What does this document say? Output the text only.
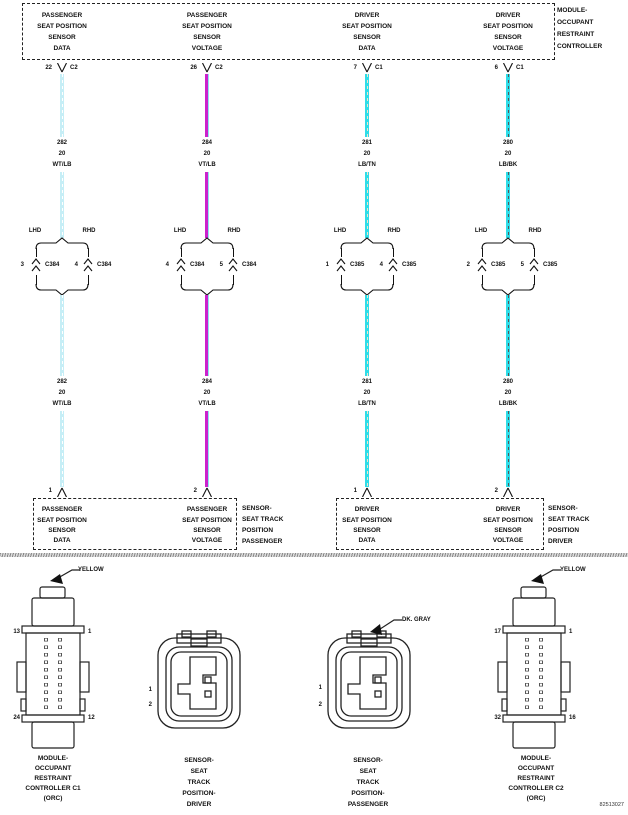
MODULE-
OCCUPANT
RESTRAINT
CONTROLLER
PASSENGER
SEAT POSITION
SENSOR
DATA
22	C2
282
20
WT/LB
LHD	RHD
3	C384	4	C384
282
20
WT/LB
1
PASSENGER
SEAT POSITION
SENSOR
DATA
PASSENGER
SEAT POSITION
SENSOR
VOLTAGE
26	C2
284
20
VT/LB
LHD	RHD
4	C384	5	C384
284
20
VT/LB
2
PASSENGER
SEAT POSITION
SENSOR
VOLTAGE
DRIVER
SEAT POSITION
SENSOR
DATA
7	C1
281
20
LB/TN
LHD	RHD
1	C385	4	C385
281
20
LB/TN
1
DRIVER
SEAT POSITION
SENSOR
DATA
DRIVER
SEAT POSITION
SENSOR
VOLTAGE
6	C1
280
20
LB/BK
LHD	RHD
2	C385	5	C385
280
20
LB/BK
2
DRIVER
SEAT POSITION
SENSOR
VOLTAGE
SENSOR-
SEAT TRACK
POSITION
PASSENGER
SENSOR-
SEAT TRACK
POSITION
DRIVER
YELLOW
13	1
24	12
MODULE-
OCCUPANT
RESTRAINT
CONTROLLER C1
(ORC)
1
2
SENSOR-
SEAT
TRACK
POSITION-
DRIVER
DK. GRAY
1
2
SENSOR-
SEAT
TRACK
POSITION-
PASSENGER
YELLOW
17	1
32	16
MODULE-
OCCUPANT
RESTRAINT
CONTROLLER C2
(ORC)
82513027
